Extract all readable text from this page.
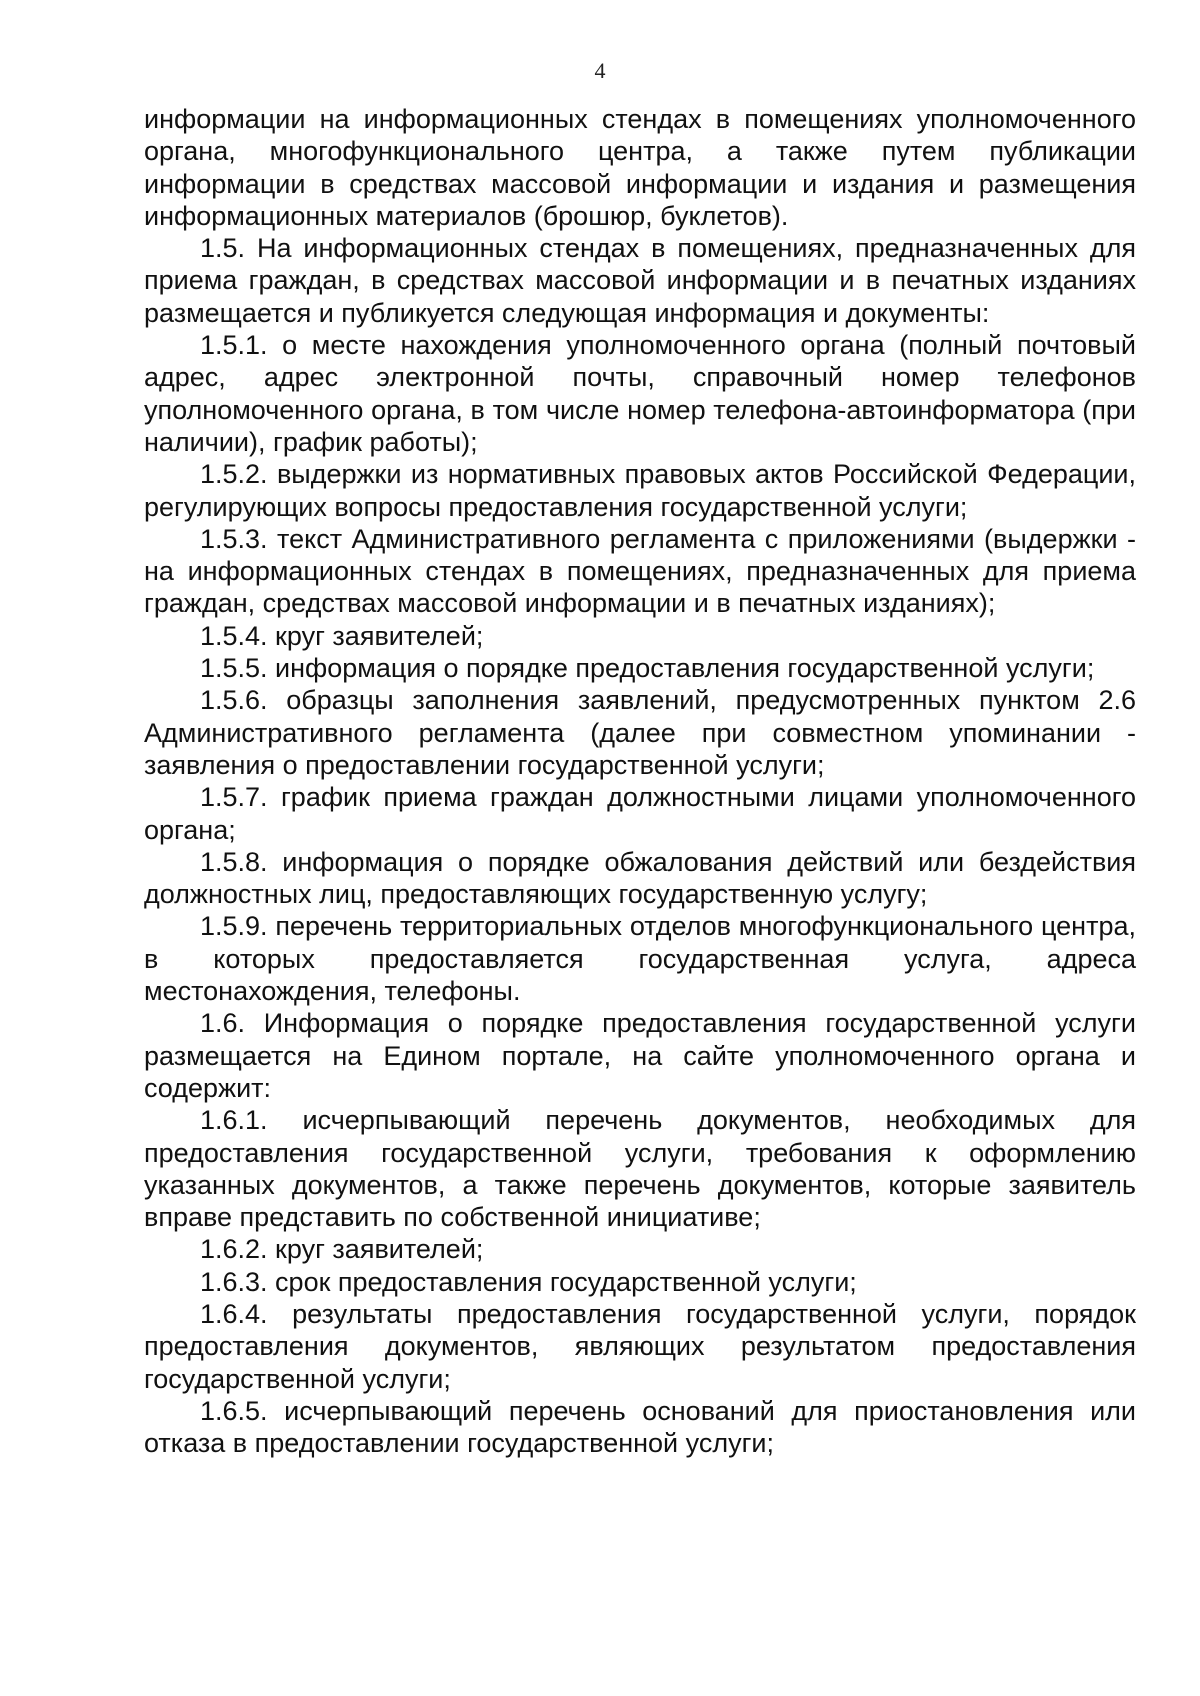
4

информации на информационных стендах в помещениях уполномоченного органа, многофункционального центра, а также путем публикации информации в средствах массовой информации и издания и размещения информационных материалов (брошюр, буклетов).

1.5. На информационных стендах в помещениях, предназначенных для приема граждан, в средствах массовой информации и в печатных изданиях размещается и публикуется следующая информация и документы:

1.5.1. о месте нахождения уполномоченного органа (полный почтовый адрес, адрес электронной почты, справочный номер телефонов уполномоченного органа, в том числе номер телефона-автоинформатора (при наличии), график работы);

1.5.2. выдержки из нормативных правовых актов Российской Федерации, регулирующих вопросы предоставления государственной услуги;

1.5.3. текст Административного регламента с приложениями (выдержки - на информационных стендах в помещениях, предназначенных для приема граждан, средствах массовой информации и в печатных изданиях);

1.5.4. круг заявителей;

1.5.5. информация о порядке предоставления государственной услуги;

1.5.6. образцы заполнения заявлений, предусмотренных пунктом 2.6 Административного регламента (далее при совместном упоминании - заявления о предоставлении государственной услуги;

1.5.7. график приема граждан должностными лицами уполномоченного органа;

1.5.8. информация о порядке обжалования действий или бездействия должностных лиц, предоставляющих государственную услугу;

1.5.9. перечень территориальных отделов многофункционального центра, в которых предоставляется государственная услуга, адреса местонахождения, телефоны.

1.6. Информация о порядке предоставления государственной услуги размещается на Едином портале, на сайте уполномоченного органа и содержит:

1.6.1. исчерпывающий перечень документов, необходимых для предоставления государственной услуги, требования к оформлению указанных документов, а также перечень документов, которые заявитель вправе представить по собственной инициативе;

1.6.2. круг заявителей;

1.6.3. срок предоставления государственной услуги;

1.6.4. результаты предоставления государственной услуги, порядок предоставления документов, являющих результатом предоставления государственной услуги;

1.6.5. исчерпывающий перечень оснований для приостановления или отказа в предоставлении государственной услуги;
